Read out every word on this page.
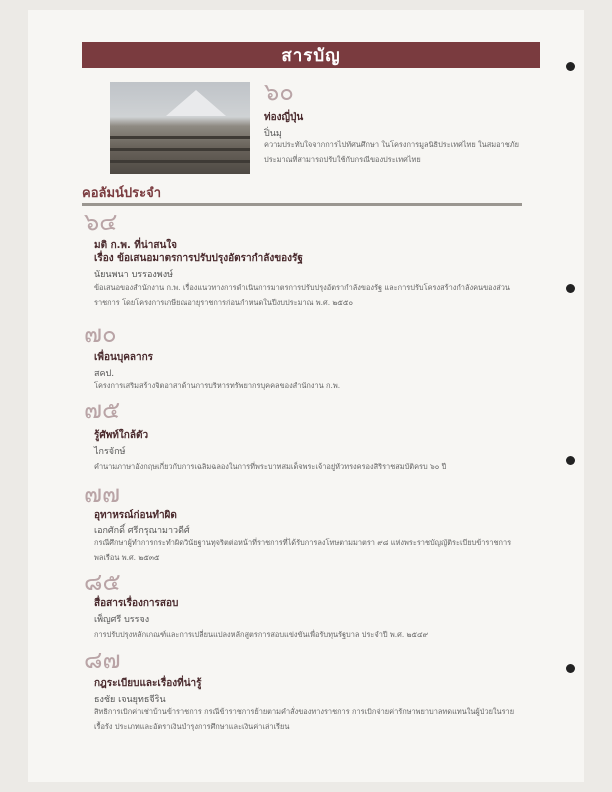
สารบัญ
๖๐
ท่องญี่ปุ่น
ปิ่นมุ
ความประทับใจจากการไปทัศนศึกษา ในโครงการมูลนิธิประเทศไทย ในสมอาชภัยประมาณที่สามารถปรับใช้กับกรณีของประเทศไทย
คอลัมน์ประจำ
๖๔
มติ ก.พ. ที่น่าสนใจ
เรื่อง ข้อเสนอมาตรการปรับปรุงอัตรากำลังของรัฐ
นัยนพนา บรรองพงษ์
ข้อเสนอของสำนักงาน ก.พ. เรื่องแนวทางการดำเนินการมาตรการปรับปรุงอัตรากำลังของรัฐ และการปรับโครงสร้างกำลังคนของส่วนราชการ โดยโครงการเกษียณอายุราชการก่อนกำหนดในปีงบประมาณ พ.ศ. ๒๕๕๐
๗๐
เพื่อนบุคลากร
สคป.
โครงการเสริมสร้างจิตอาสาด้านการบริหารทรัพยากรบุคคลของสำนักงาน ก.พ.
๗๕
รู้ศัพท์ใกล้ตัว
ไกรจักษ์
คำนามภาษาอังกฤษเกี่ยวกับการเฉลิมฉลองในการที่พระบาทสมเด็จพระเจ้าอยู่หัวทรงครองสิริราชสมบัติครบ ๖๐ ปี
๗๗
อุทาหรณ์ก่อนทำผิด
เอกศักดิ์ ศรีกรุณามาวดีศ์
กรณีศึกษาผู้ทำการกระทำผิดวินัยฐานทุจริตต่อหน้าที่ราชการที่ได้รับการลงโทษตามมาตรา ๙๘ แห่งพระราชบัญญัติระเบียบข้าราชการพลเรือน พ.ศ. ๒๕๓๕
๘๕
สื่อสารเรื่องการสอบ
เพ็ญศรี บรรจง
การปรับปรุงหลักเกณฑ์และการเปลี่ยนแปลงหลักสูตรการสอบแข่งขันเพื่อรับทุนรัฐบาล ประจำปี พ.ศ. ๒๕๔๙
๘๗
กฎระเบียบและเรื่องที่น่ารู้
ธงชัย เจนยุทธจีริน
สิทธิการเบิกค่าเช่าบ้านข้าราชการ กรณีข้าราชการย้ายตามคำสั่งของทางราชการ การเบิกจ่ายค่ารักษาพยาบาลทดแทนในผู้ป่วยในรายเรื้อรัง ประเภทและอัตราเงินบำรุงการศึกษาและเงินค่าเล่าเรียน
